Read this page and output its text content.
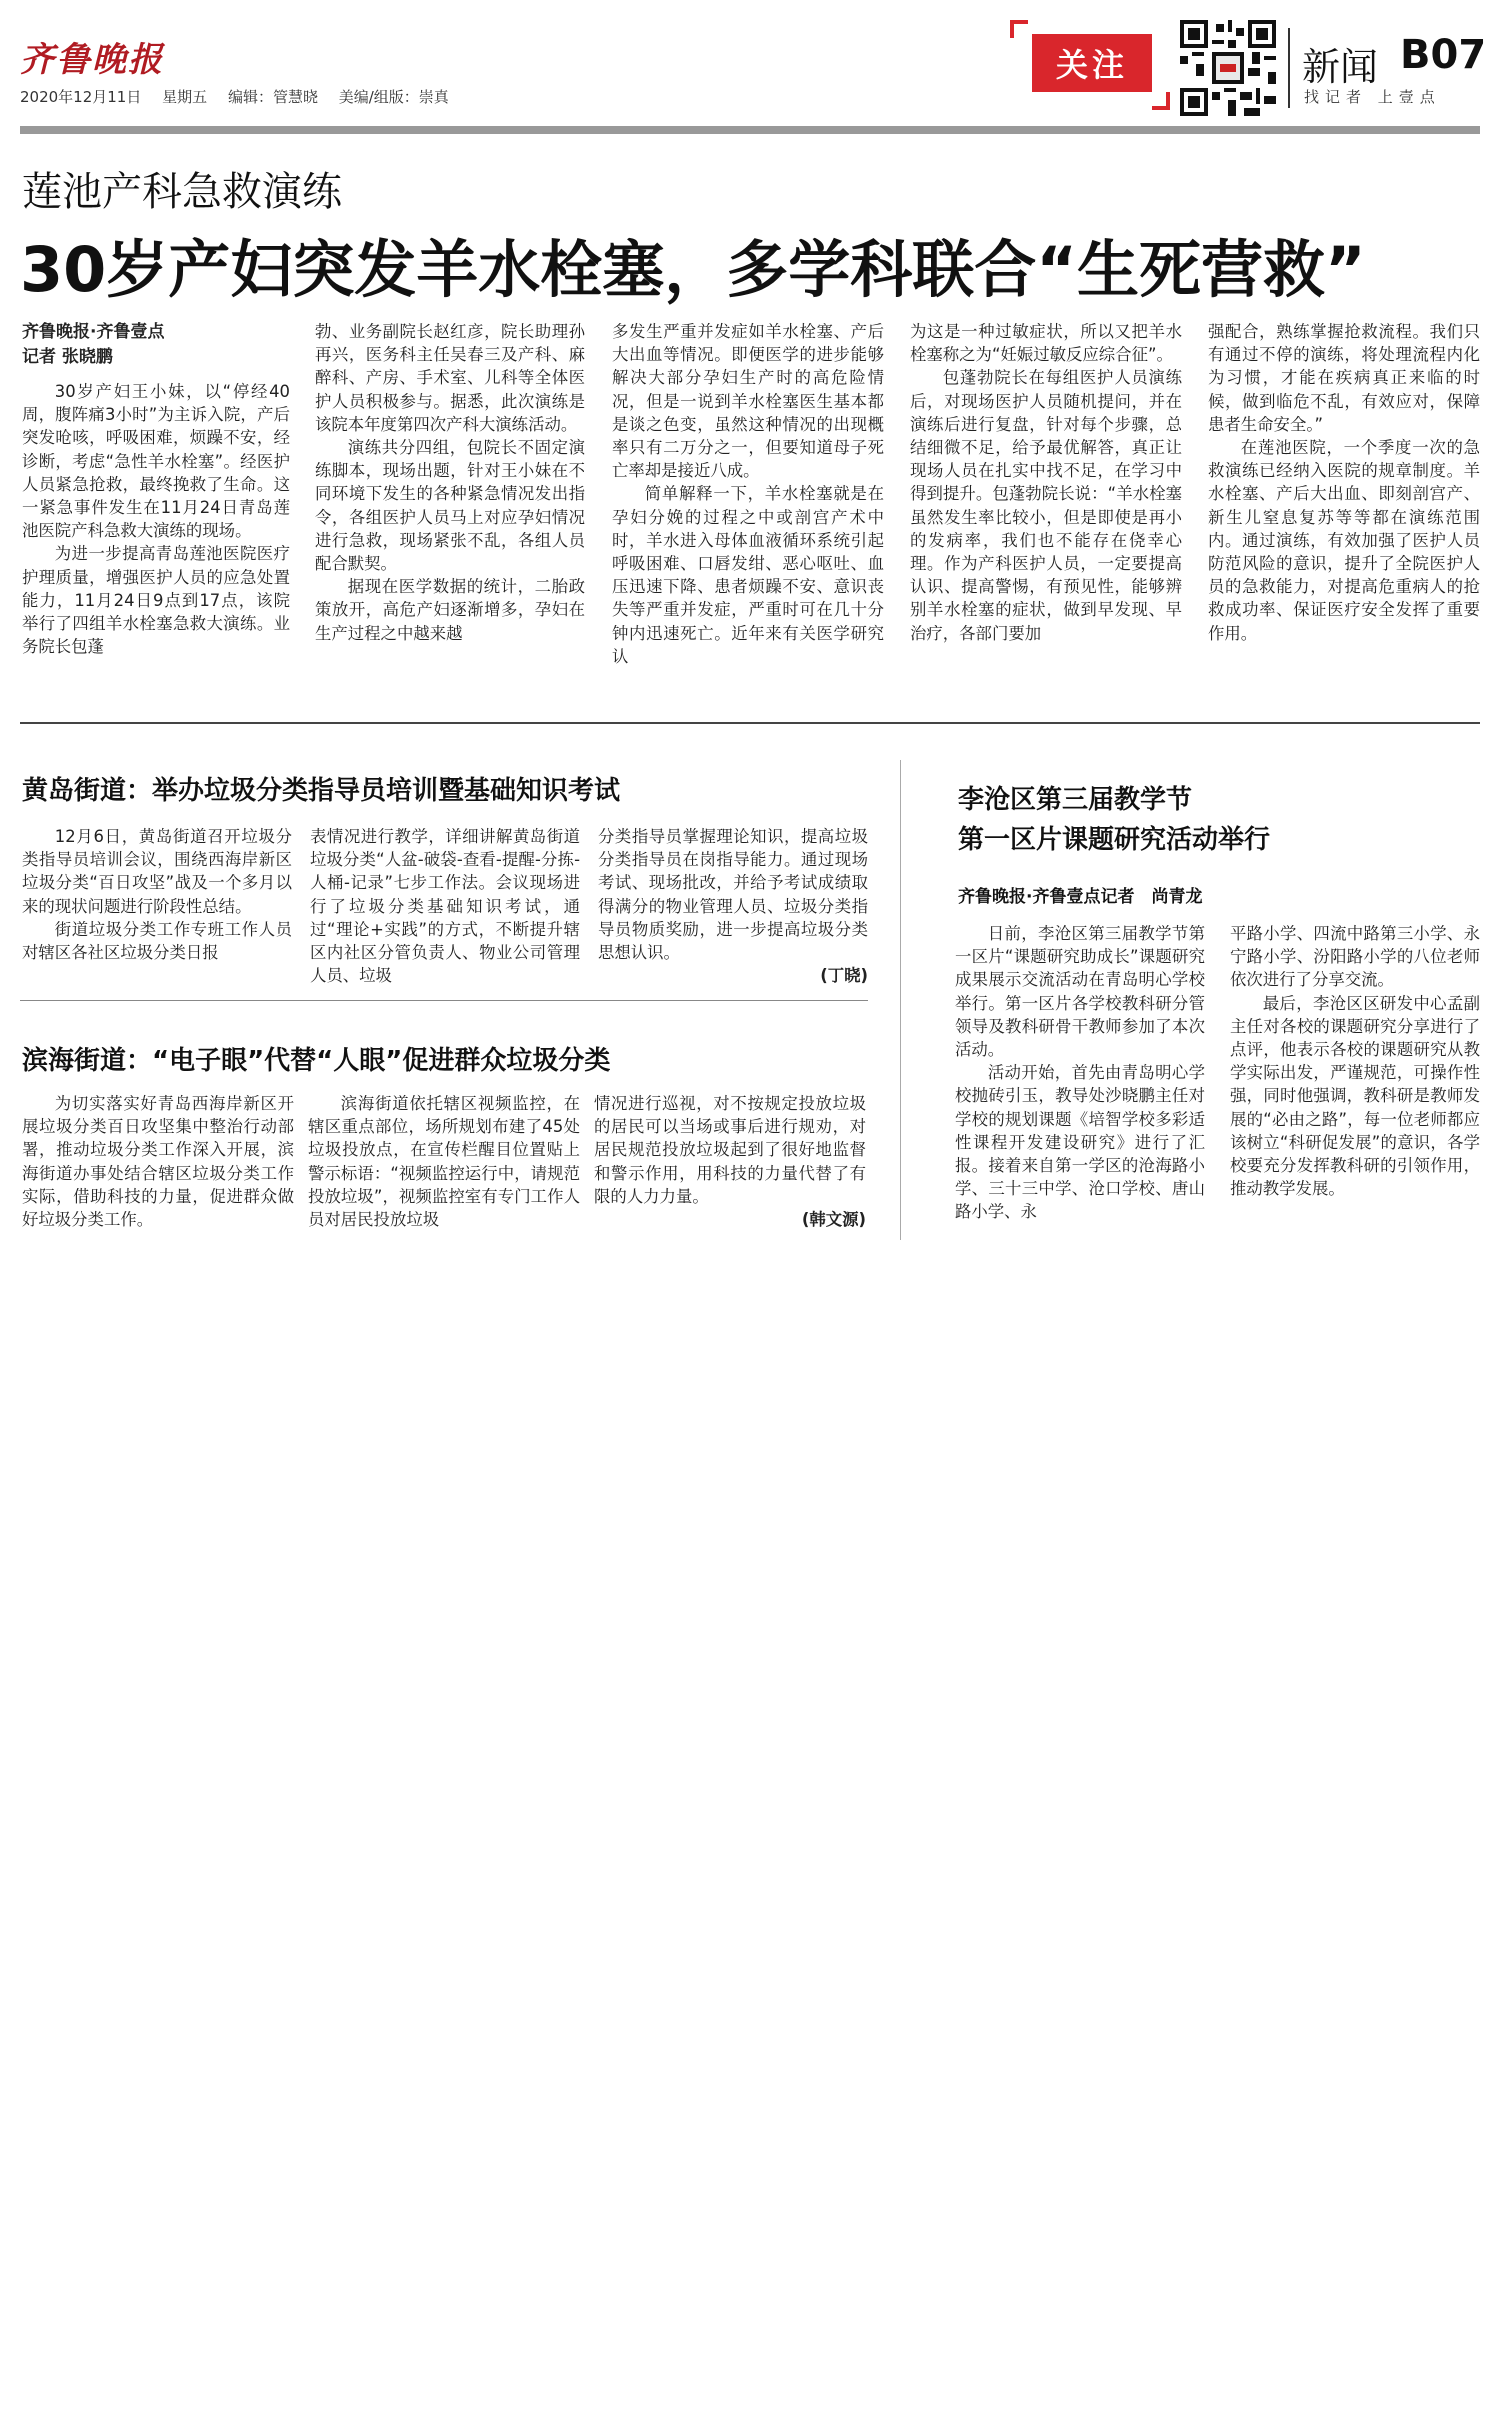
齐鲁晚报
2020年12月11日 星期五 编辑：管慧晓 美编/组版：崇真
关注	新闻 B07
找记者 上壹点
莲池产科急救演练
30岁产妇突发羊水栓塞，多学科联合“生死营救”

齐鲁晚报·齐鲁壹点

记者 张晓鹏

30岁产妇王小妹，以“停经40周，腹阵痛3小时”为主诉入院，产后突发呛咳，呼吸困难，烦躁不安，经诊断，考虑“急性羊水栓塞”。经医护人员紧急抢救，最终挽救了生命。这一紧急事件发生在11月24日青岛莲池医院产科急救大演练的现场。

为进一步提高青岛莲池医院医疗护理质量，增强医护人员的应急处置能力，11月24日9点到17点，该院举行了四组羊水栓塞急救大演练。业务院长包蓬

勃、业务副院长赵红彦，院长助理孙再兴，医务科主任吴春三及产科、麻醉科、产房、手术室、儿科等全体医护人员积极参与。据悉，此次演练是该院本年度第四次产科大演练活动。

演练共分四组，包院长不固定演练脚本，现场出题，针对王小妹在不同环境下发生的各种紧急情况发出指令，各组医护人员马上对应孕妇情况进行急救，现场紧张不乱，各组人员配合默契。

据现在医学数据的统计，二胎政策放开，高危产妇逐渐增多，孕妇在生产过程之中越来越

多发生严重并发症如羊水栓塞、产后大出血等情况。即便医学的进步能够解决大部分孕妇生产时的高危险情况，但是一说到羊水栓塞医生基本都是谈之色变，虽然这种情况的出现概率只有二万分之一，但要知道母子死亡率却是接近八成。

简单解释一下，羊水栓塞就是在孕妇分娩的过程之中或剖宫产术中时，羊水进入母体血液循环系统引起呼吸困难、口唇发绀、恶心呕吐、血压迅速下降、患者烦躁不安、意识丧失等严重并发症，严重时可在几十分钟内迅速死亡。近年来有关医学研究认

为这是一种过敏症状，所以又把羊水栓塞称之为“妊娠过敏反应综合征”。

包蓬勃院长在每组医护人员演练后，对现场医护人员随机提问，并在演练后进行复盘，针对每个步骤，总结细微不足，给予最优解答，真正让现场人员在扎实中找不足，在学习中得到提升。包蓬勃院长说：“羊水栓塞虽然发生率比较小，但是即使是再小的发病率，我们也不能存在侥幸心理。作为产科医护人员，一定要提高认识、提高警惕，有预见性，能够辨别羊水栓塞的症状，做到早发现、早治疗，各部门要加

强配合，熟练掌握抢救流程。我们只有通过不停的演练，将处理流程内化为习惯，才能在疾病真正来临的时候，做到临危不乱，有效应对，保障患者生命安全。”

在莲池医院，一个季度一次的急救演练已经纳入医院的规章制度。羊水栓塞、产后大出血、即刻剖宫产、新生儿窒息复苏等等都在演练范围内。通过演练，有效加强了医护人员防范风险的意识，提升了全院医护人员的急救能力，对提高危重病人的抢救成功率、保证医疗安全发挥了重要作用。

黄岛街道：举办垃圾分类指导员培训暨基础知识考试

12月6日，黄岛街道召开垃圾分类指导员培训会议，围绕西海岸新区垃圾分类“百日攻坚”战及一个多月以来的现状问题进行阶段性总结。

街道垃圾分类工作专班工作人员对辖区各社区垃圾分类日报

表情况进行教学，详细讲解黄岛街道垃圾分类“人盆-破袋-查看-提醒-分拣-人桶-记录”七步工作法。会议现场进行了垃圾分类基础知识考试，通过“理论+实践”的方式，不断提升辖区内社区分管负责人、物业公司管理人员、垃圾

分类指导员掌握理论知识，提高垃圾分类指导员在岗指导能力。通过现场考试、现场批改，并给予考试成绩取得满分的物业管理人员、垃圾分类指导员物质奖励，进一步提高垃圾分类思想认识。

(丁晓)

滨海街道：“电子眼”代替“人眼”促进群众垃圾分类

为切实落实好青岛西海岸新区开展垃圾分类百日攻坚集中整治行动部署，推动垃圾分类工作深入开展，滨海街道办事处结合辖区垃圾分类工作实际，借助科技的力量，促进群众做好垃圾分类工作。

滨海街道依托辖区视频监控，在辖区重点部位，场所规划布建了45处垃圾投放点，在宣传栏醒目位置贴上警示标语：“视频监控运行中，请规范投放垃圾”，视频监控室有专门工作人员对居民投放垃圾

情况进行巡视，对不按规定投放垃圾的居民可以当场或事后进行规劝，对居民规范投放垃圾起到了很好地监督和警示作用，用科技的力量代替了有限的人力力量。

(韩文源)

李沧区第三届教学节
第一区片课题研究活动举行
齐鲁晚报·齐鲁壹点记者　尚青龙

日前，李沧区第三届教学节第一区片“课题研究助成长”课题研究成果展示交流活动在青岛明心学校举行。第一区片各学校教科研分管领导及教科研骨干教师参加了本次活动。

活动开始，首先由青岛明心学校抛砖引玉，教导处沙晓鹏主任对学校的规划课题《培智学校多彩适性课程开发建设研究》进行了汇报。接着来自第一学区的沧海路小学、三十三中学、沧口学校、唐山路小学、永

平路小学、四流中路第三小学、永宁路小学、汾阳路小学的八位老师依次进行了分享交流。

最后，李沧区区研发中心孟副主任对各校的课题研究分享进行了点评，他表示各校的课题研究从教学实际出发，严谨规范，可操作性强，同时他强调，教科研是教师发展的“必由之路”，每一位老师都应该树立“科研促发展”的意识，各学校要充分发挥教科研的引领作用，推动教学发展。
